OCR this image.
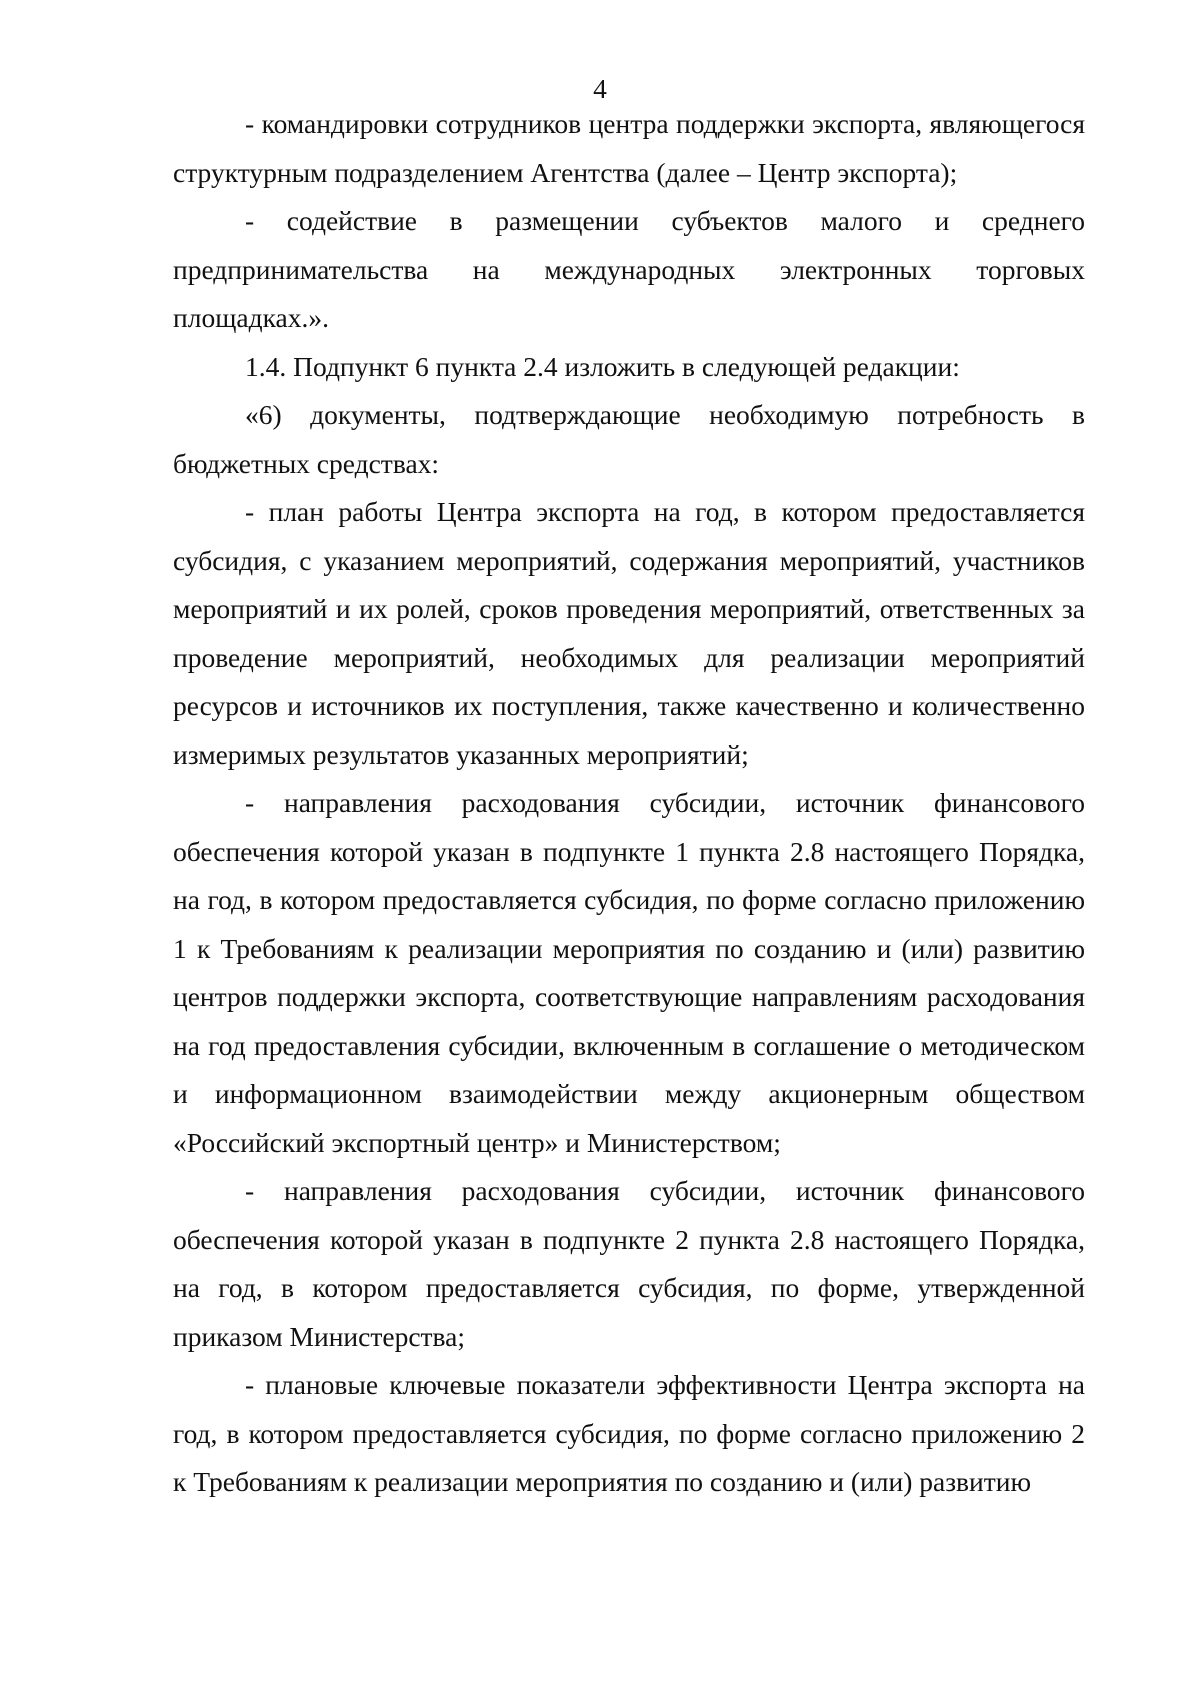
4

- командировки сотрудников центра поддержки экспорта, являющегося структурным подразделением Агентства (далее – Центр экспорта);

- содействие в размещении субъектов малого и среднего предпринимательства на международных электронных торговых площадках.».

1.4. Подпункт 6 пункта 2.4 изложить в следующей редакции:

«6) документы, подтверждающие необходимую потребность в бюджетных средствах:

- план работы Центра экспорта на год, в котором предоставляется субсидия, с указанием мероприятий, содержания мероприятий, участников мероприятий и их ролей, сроков проведения мероприятий, ответственных за проведение мероприятий, необходимых для реализации мероприятий ресурсов и источников их поступления, также качественно и количественно измеримых результатов указанных мероприятий;

- направления расходования субсидии, источник финансового обеспечения которой указан в подпункте 1 пункта 2.8 настоящего Порядка, на год, в котором предоставляется субсидия, по форме согласно приложению 1 к Требованиям к реализации мероприятия по созданию и (или) развитию центров поддержки экспорта, соответствующие направлениям расходования на год предоставления субсидии, включенным в соглашение о методическом и информационном взаимодействии между акционерным обществом «Российский экспортный центр» и Министерством;

- направления расходования субсидии, источник финансового обеспечения которой указан в подпункте 2 пункта 2.8 настоящего Порядка, на год, в котором предоставляется субсидия, по форме, утвержденной приказом Министерства;

- плановые ключевые показатели эффективности Центра экспорта на год, в котором предоставляется субсидия, по форме согласно приложению 2 к Требованиям к реализации мероприятия по созданию и (или) развитию
